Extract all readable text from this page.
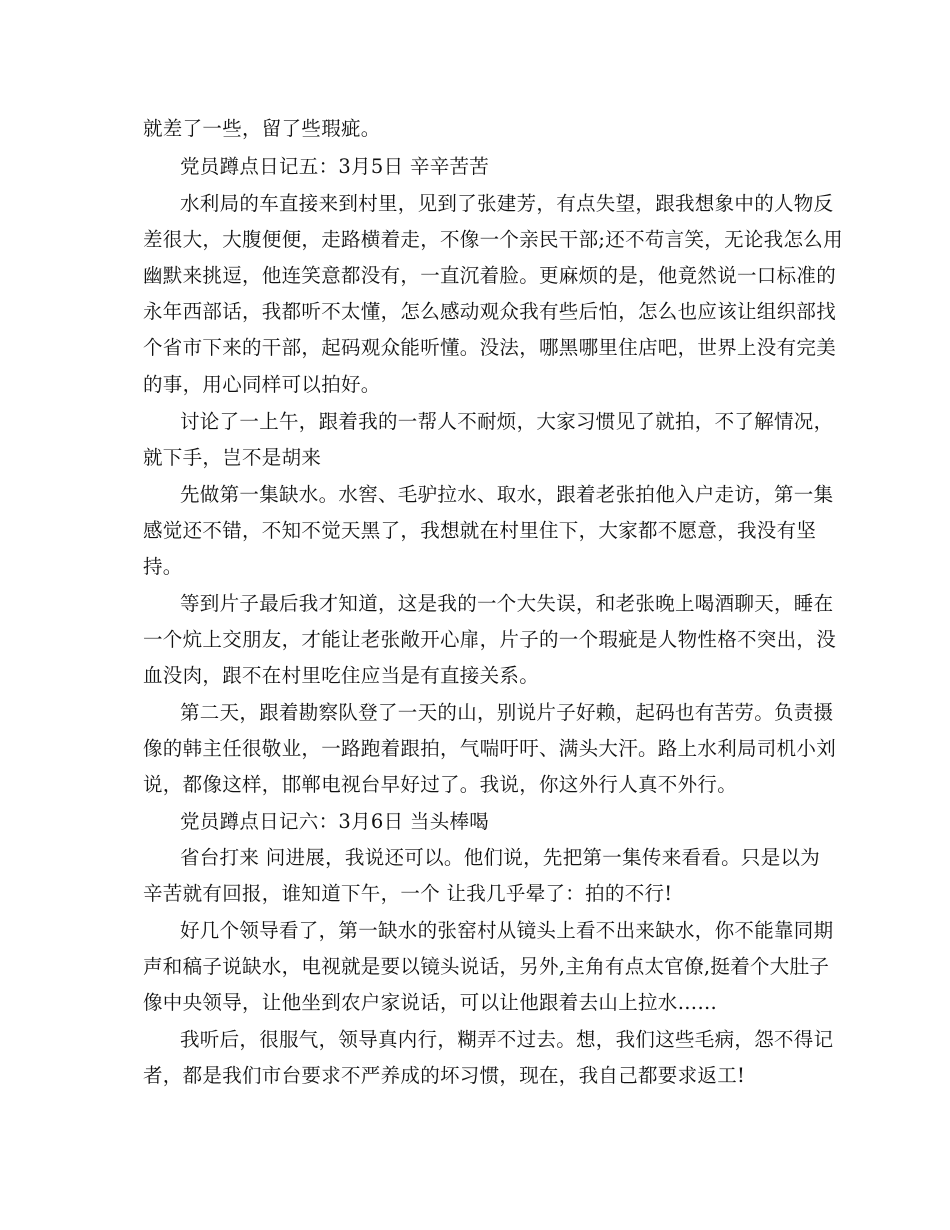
就差了一些，留了些瑕疵。
党员蹲点日记五：3月5日 辛辛苦苦
水利局的车直接来到村里，见到了张建芳，有点失望，跟我想象中的人物反
差很大，大腹便便，走路横着走，不像一个亲民干部;还不苟言笑，无论我怎么用
幽默来挑逗，他连笑意都没有，一直沉着脸。更麻烦的是，他竟然说一口标准的
永年西部话，我都听不太懂，怎么感动观众我有些后怕，怎么也应该让组织部找
个省市下来的干部，起码观众能听懂。没法，哪黑哪里住店吧，世界上没有完美
的事，用心同样可以拍好。
讨论了一上午，跟着我的一帮人不耐烦，大家习惯见了就拍，不了解情况，
就下手，岂不是胡来
先做第一集缺水。水窖、毛驴拉水、取水，跟着老张拍他入户走访，第一集
感觉还不错，不知不觉天黑了，我想就在村里住下，大家都不愿意，我没有坚
持。
等到片子最后我才知道，这是我的一个大失误，和老张晚上喝酒聊天，睡在
一个炕上交朋友，才能让老张敞开心扉，片子的一个瑕疵是人物性格不突出，没
血没肉，跟不在村里吃住应当是有直接关系。
第二天，跟着勘察队登了一天的山，别说片子好赖，起码也有苦劳。负责摄
像的韩主任很敬业，一路跑着跟拍，气喘吁吁、满头大汗。路上水利局司机小刘
说，都像这样，邯郸电视台早好过了。我说，你这外行人真不外行。
党员蹲点日记六：3月6日 当头棒喝
省台打来 问进展，我说还可以。他们说，先把第一集传来看看。只是以为
辛苦就有回报，谁知道下午，一个 让我几乎晕了：拍的不行!
好几个领导看了，第一缺水的张窑村从镜头上看不出来缺水，你不能靠同期
声和稿子说缺水，电视就是要以镜头说话，另外,主角有点太官僚,挺着个大肚子
像中央领导，让他坐到农户家说话，可以让他跟着去山上拉水……
我听后，很服气，领导真内行，糊弄不过去。想，我们这些毛病，怨不得记
者，都是我们市台要求不严养成的坏习惯，现在，我自己都要求返工!
